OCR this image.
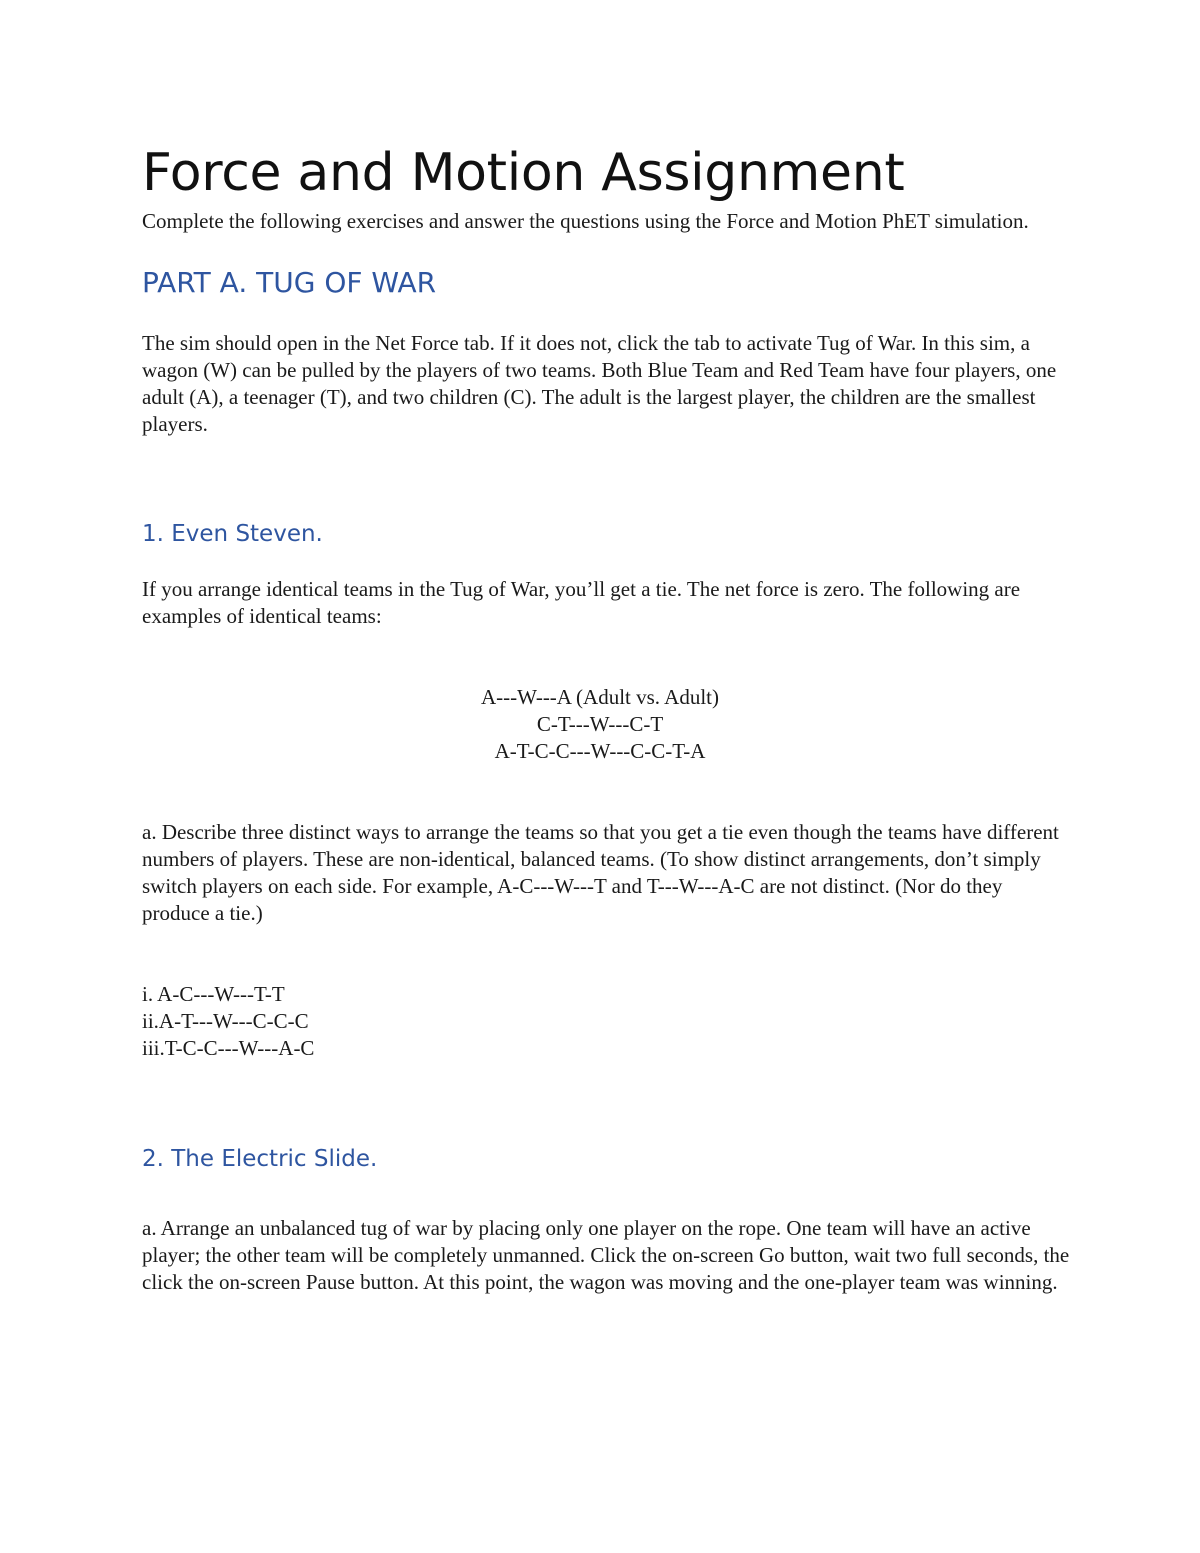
Force and Motion Assignment

Complete the following exercises and answer the questions using the Force and Motion PhET simulation.

PART A. TUG OF WAR

The sim should open in the Net Force tab. If it does not, click the tab to activate Tug of War. In this sim, a wagon (W) can be pulled by the players of two teams. Both Blue Team and Red Team have four players, one adult (A), a teenager (T), and two children (C). The adult is the largest player, the children are the smallest players.

1. Even Steven.

If you arrange identical teams in the Tug of War, you’ll get a tie. The net force is zero. The following are examples of identical teams:

A---W---A (Adult vs. Adult)
C-T---W---C-T
A-T-C-C---W---C-C-T-A

a. Describe three distinct ways to arrange the teams so that you get a tie even though the teams have different numbers of players. These are non-identical, balanced teams. (To show distinct arrangements, don’t simply switch players on each side. For example, A-C---W---T and T---W---A-C are not distinct. (Nor do they produce a tie.)

i. A-C---W---T-T
ii.A-T---W---C-C-C
iii.T-C-C---W---A-C
2. The Electric Slide.

a. Arrange an unbalanced tug of war by placing only one player on the rope. One team will have an active player; the other team will be completely unmanned. Click the on-screen Go button, wait two full seconds, the click the on-screen Pause button. At this point, the wagon was moving and the one-player team was winning.
